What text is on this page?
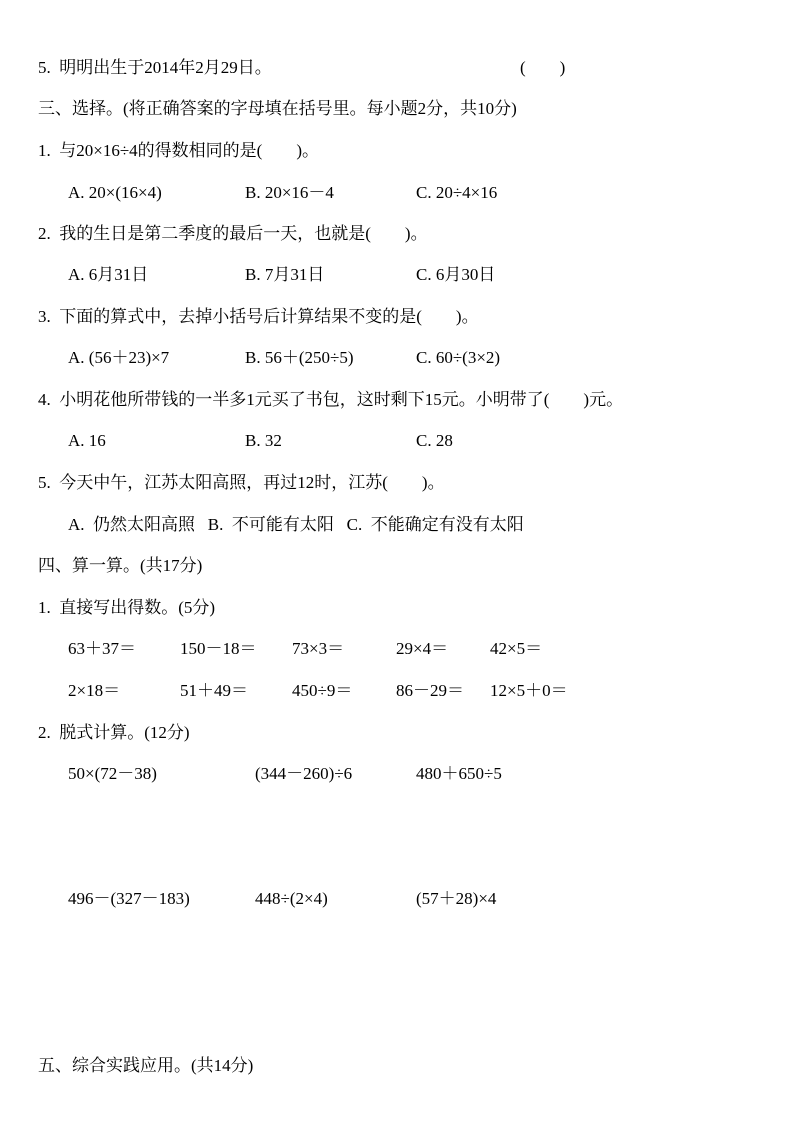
5.  明明出生于2014年2月29日。	(        )
三、选择。(将正确答案的字母填在括号里。每小题2分，共10分)
1.  与20×16÷4的得数相同的是(        )。
A. 20×(16×4)	B. 20×16－4	C. 20÷4×16
2.  我的生日是第二季度的最后一天，也就是(        )。
A. 6月31日	B. 7月31日	C. 6月30日
3.  下面的算式中，去掉小括号后计算结果不变的是(        )。
A. (56＋23)×7	B. 56＋(250÷5)	C. 60÷(3×2)
4.  小明花他所带钱的一半多1元买了书包，这时剩下15元。小明带了(        )元。
A. 16	B. 32	C. 28
5.  今天中午，江苏太阳高照，再过12时，江苏(        )。
A.  仍然太阳高照   B.  不可能有太阳   C.  不能确定有没有太阳
四、算一算。(共17分)
1.  直接写出得数。(5分)
63＋37＝	150－18＝ 73×3＝	29×4＝ 42×5＝
2×18＝	51＋49＝	450÷9＝	86－29＝ 12×5＋0＝
2.  脱式计算。(12分)
50×(72－38)	(344－260)÷6	480＋650÷5
496－(327－183)	448÷(2×4)	(57＋28)×4
五、综合实践应用。(共14分)
